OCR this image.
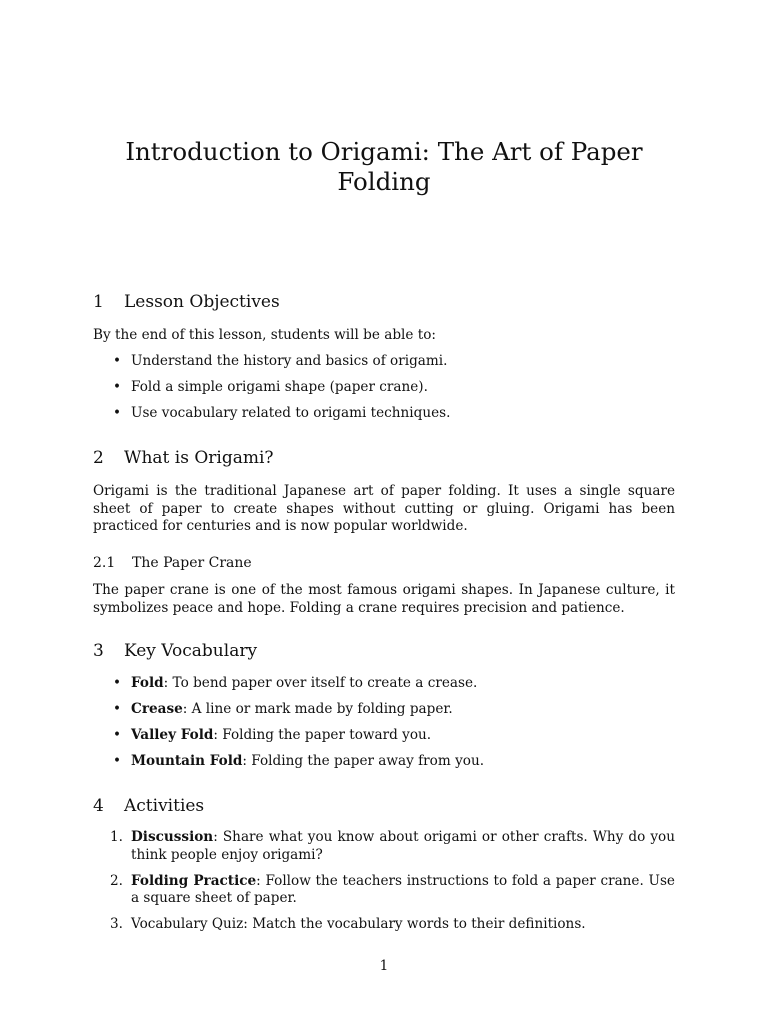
Introduction to Origami: The Art of Paper Folding
1 Lesson Objectives

By the end of this lesson, students will be able to:

• Understand the history and basics of origami.
• Fold a simple origami shape (paper crane).
• Use vocabulary related to origami techniques.
2 What is Origami?

Origami is the traditional Japanese art of paper folding. It uses a single square sheet of paper to create shapes without cutting or gluing. Origami has been practiced for centuries and is now popular worldwide.

2.1 The Paper Crane

The paper crane is one of the most famous origami shapes. In Japanese culture, it symbolizes peace and hope. Folding a crane requires precision and patience.

3 Key Vocabulary
• Fold: To bend paper over itself to create a crease.
• Crease: A line or mark made by folding paper.
• Valley Fold: Folding the paper toward you.
• Mountain Fold: Folding the paper away from you.
4 Activities
1. Discussion: Share what you know about origami or other crafts. Why do you think people enjoy origami?
2. Folding Practice: Follow the teachers instructions to fold a paper crane. Use a square sheet of paper.
3. Vocabulary Quiz: Match the vocabulary words to their definitions.
1
